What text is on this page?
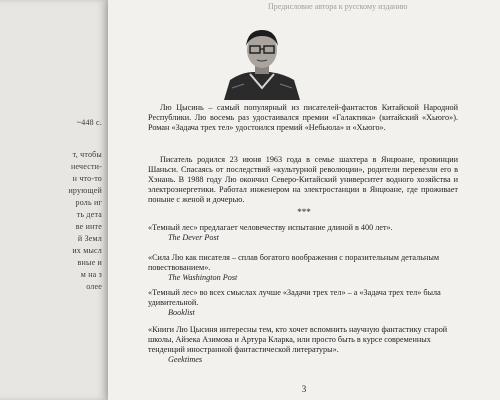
~448 с.
т, чтобы
нечести-
н что-то
ирующей
роль иг
ть дета
ве инте
й Земл
их мысл
вные и
м на з
олее
Предисловие автора к русскому изданию
Лю Цысинь – самый популярный из писателей-фантастов Китайской Народной Республики. Лю восемь раз удостаивался премии «Галактика» (китайский «Хьюго»). Роман «Задача трех тел» удостоился премий «Небьюла» и «Хьюго».
Писатель родился 23 июня 1963 года в семье шахтера в Янцюане, провинции Шаньси. Спасаясь от последствий «культурной революции», родители перевезли его в Хэнань. В 1988 году Лю окончил Северо-Китайский университет водного хозяйства и электроэнергетики. Работал инженером на электростанции в Янцюане, где проживает поныне с женой и дочерью.
***
«Темный лес» предлагает человечеству испытание длиной в 400 лет».
The Dever Post
«Сила Лю как писателя – сплав богатого воображения с поразительным детальным повествованием».
The Washington Post
«Темный лес» во всех смыслах лучше «Задачи трех тел» – а «Задача трех тел» была удивительной.
Booklist
«Книги Лю Цысиня интересны тем, кто хочет вспомнить научную фантастику старой школы, Айзека Азимова и Артура Кларка, или просто быть в курсе современных тенденций иностранной фантастической литературы».
Geektimes
3
